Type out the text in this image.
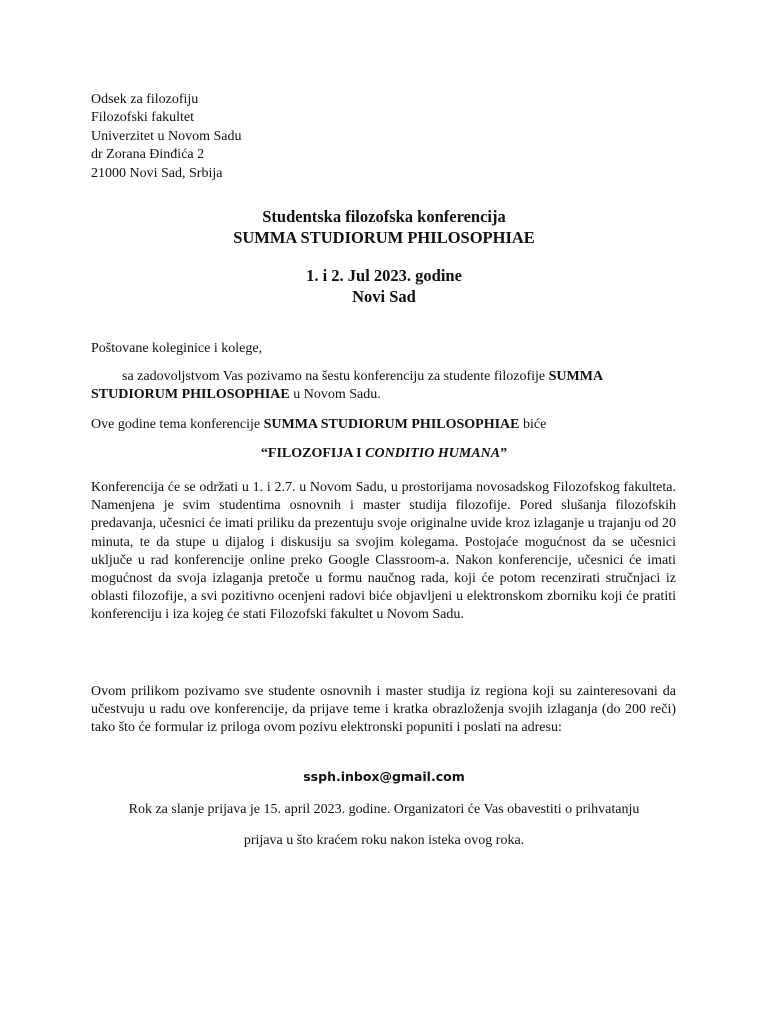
Odsek za filozofiju
Filozofski fakultet
Univerzitet u Novom Sadu
dr Zorana Đinđića 2
21000 Novi Sad, Srbija
Studentska filozofska konferencija
SUMMA STUDIORUM PHILOSOPHIAE
1. i 2. Jul 2023. godine
Novi Sad
Poštovane koleginice i kolege,
sa zadovoljstvom Vas pozivamo na šestu konferenciju za studente filozofije SUMMA STUDIORUM PHILOSOPHIAE u Novom Sadu.
Ove godine tema konferencije SUMMA STUDIORUM PHILOSOPHIAE biće
“FILOZOFIJA I CONDITIO HUMANA”
Konferencija će se održati u 1. i 2.7. u Novom Sadu, u prostorijama novosadskog Filozofskog fakulteta. Namenjena je svim studentima osnovnih i master studija filozofije. Pored slušanja filozofskih predavanja, učesnici će imati priliku da prezentuju svoje originalne uvide kroz izlaganje u trajanju od 20 minuta, te da stupe u dijalog i diskusiju sa svojim kolegama. Postojaće mogućnost da se učesnici uključe u rad konferencije online preko Google Classroom-a. Nakon konferencije, učesnici će imati mogućnost da svoja izlaganja pretoče u formu naučnog rada, koji će potom recenzirati stručnjaci iz oblasti filozofije, a svi pozitivno ocenjeni radovi biće objavljeni u elektronskom zborniku koji će pratiti konferenciju i iza kojeg će stati Filozofski fakultet u Novom Sadu.
Ovom prilikom pozivamo sve studente osnovnih i master studija iz regiona koji su zainteresovani da učestvuju u radu ove konferencije, da prijave teme i kratka obrazloženja svojih izlaganja (do 200 reči) tako što će formular iz priloga ovom pozivu elektronski popuniti i poslati na adresu:
ssph.inbox@gmail.com
Rok za slanje prijava je 15. april 2023. godine. Organizatori će Vas obavestiti o prihvatanju
prijava u što kraćem roku nakon isteka ovog roka.
